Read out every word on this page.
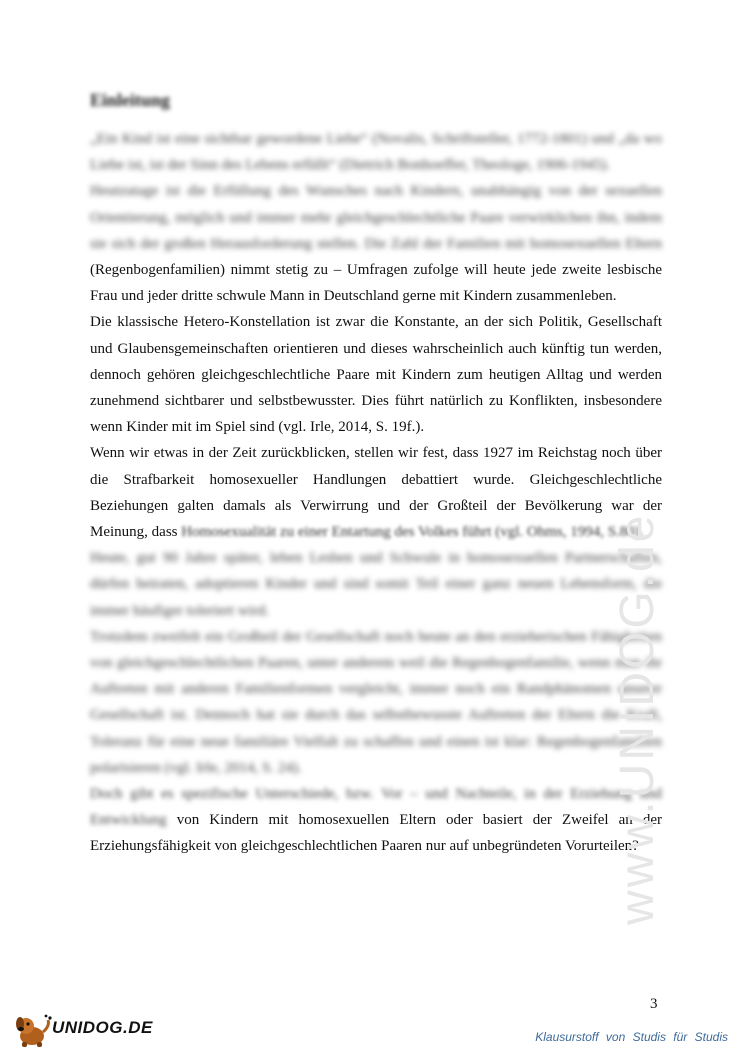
Einleitung

„Ein Kind ist eine sichtbar gewordene Liebe“ (Novalis, Schriftsteller, 1772-1801) und „da wo Liebe ist, ist der Sinn des Lebens erfüllt“ (Dietrich Bonhoeffer, Theologe, 1906-1945).

Heutzutage ist die Erfüllung des Wunsches nach Kindern, unabhängig von der sexuellen Orientierung, möglich und immer mehr gleichgeschlechtliche Paare verwirklichen ihn, indem sie sich der großen Herausforderung stellen. Die Zahl der Familien mit homosexuellen Eltern (Regenbogenfamilien) nimmt stetig zu – Umfragen zufolge will heute jede zweite lesbische Frau und jeder dritte schwule Mann in Deutschland gerne mit Kindern zusammenleben.

Die klassische Hetero-Konstellation ist zwar die Konstante, an der sich Politik, Gesellschaft und Glaubensgemeinschaften orientieren und dieses wahrscheinlich auch künftig tun werden, dennoch gehören gleichgeschlechtliche Paare mit Kindern zum heutigen Alltag und werden zunehmend sichtbarer und selbstbewusster. Dies führt natürlich zu Konflikten, insbesondere wenn Kinder mit im Spiel sind (vgl. Irle, 2014, S. 19f.).

Wenn wir etwas in der Zeit zurückblicken, stellen wir fest, dass 1927 im Reichstag noch über die Strafbarkeit homosexueller Handlungen debattiert wurde. Gleichgeschlechtliche Beziehungen galten damals als Verwirrung und der Großteil der Bevölkerung war der Meinung, dass Homosexualität zu einer Entartung des Volkes führt (vgl. Ohms, 1994, S.80).

Heute, gut 90 Jahre später, leben Lesben und Schwule in homosexuellen Partnerschaften, dürfen heiraten, adoptieren Kinder und sind somit Teil einer ganz neuen Lebensform, die immer häufiger toleriert wird.

Trotzdem zweifelt ein Großteil der Gesellschaft noch heute an den erzieherischen Fähigkeiten von gleichgeschlechtlichen Paaren, unter anderem weil die Regenbogenfamilie, wenn man ihr Auftreten mit anderen Familienformen vergleicht, immer noch ein Randphänomen unserer Gesellschaft ist. Dennoch hat sie durch das selbstbewusste Auftreten der Eltern die Kraft, Toleranz für eine neue familiäre Vielfalt zu schaffen und einen ist klar: Regenbogenfamilien polarisieren (vgl. Irle, 2014, S. 24).

Doch gibt es spezifische Unterschiede, bzw. Vor – und Nachteile, in der Erziehung und Entwicklung von Kindern mit homosexuellen Eltern oder basiert der Zweifel an der Erziehungsfähigkeit von gleichgeschlechtlichen Paaren nur auf unbegründeten Vorurteilen?

www.UNIDOG.de
3
UNIDOG.DE	Klausurstoff von Studis für Studis
